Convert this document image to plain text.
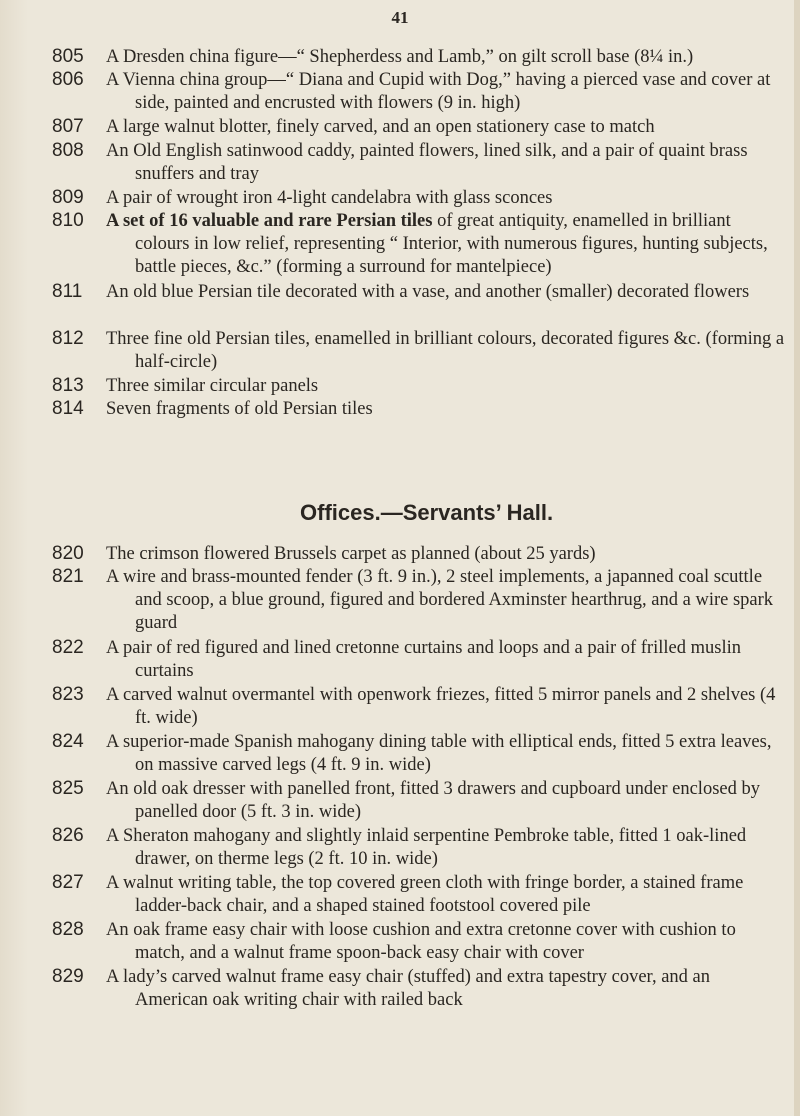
41
805	A Dresden china figure—“ Shepherdess and Lamb,” on gilt scroll base (8¼ in.)
806	A Vienna china group—“ Diana and Cupid with Dog,” having a pierced vase and cover at side, painted and encrusted with flowers (9 in. high)
807	A large walnut blotter, finely carved, and an open stationery case to match
808	An Old English satinwood caddy, painted flowers, lined silk, and a pair of quaint brass snuffers and tray
809	A pair of wrought iron 4-light candelabra with glass sconces
810	A set of 16 valuable and rare Persian tiles of great antiquity, enamelled in brilliant colours in low relief, representing “ Interior, with numerous figures, hunting subjects, battle pieces, &c.” (forming a surround for mantelpiece)
811	An old blue Persian tile decorated with a vase, and another (smaller) decorated flowers
812	Three fine old Persian tiles, enamelled in brilliant colours, decorated figures &c. (forming a half-circle)
813	Three similar circular panels
814	Seven fragments of old Persian tiles
Offices.—Servants’ Hall.
820	The crimson flowered Brussels carpet as planned (about 25 yards)
821	A wire and brass-mounted fender (3 ft. 9 in.), 2 steel implements, a japanned coal scuttle and scoop, a blue ground, figured and bordered Axminster hearthrug, and a wire spark guard
822	A pair of red figured and lined cretonne curtains and loops and a pair of frilled muslin curtains
823	A carved walnut overmantel with openwork friezes, fitted 5 mirror panels and 2 shelves (4 ft. wide)
824	A superior-made Spanish mahogany dining table with elliptical ends, fitted 5 extra leaves, on massive carved legs (4 ft. 9 in. wide)
825	An old oak dresser with panelled front, fitted 3 drawers and cupboard under enclosed by panelled door (5 ft. 3 in. wide)
826	A Sheraton mahogany and slightly inlaid serpentine Pembroke table, fitted 1 oak-lined drawer, on therme legs (2 ft. 10 in. wide)
827	A walnut writing table, the top covered green cloth with fringe border, a stained frame ladder-back chair, and a shaped stained footstool covered pile
828	An oak frame easy chair with loose cushion and extra cretonne cover with cushion to match, and a walnut frame spoon-back easy chair with cover
829	A lady’s carved walnut frame easy chair (stuffed) and extra tapestry cover, and an American oak writing chair with railed back
